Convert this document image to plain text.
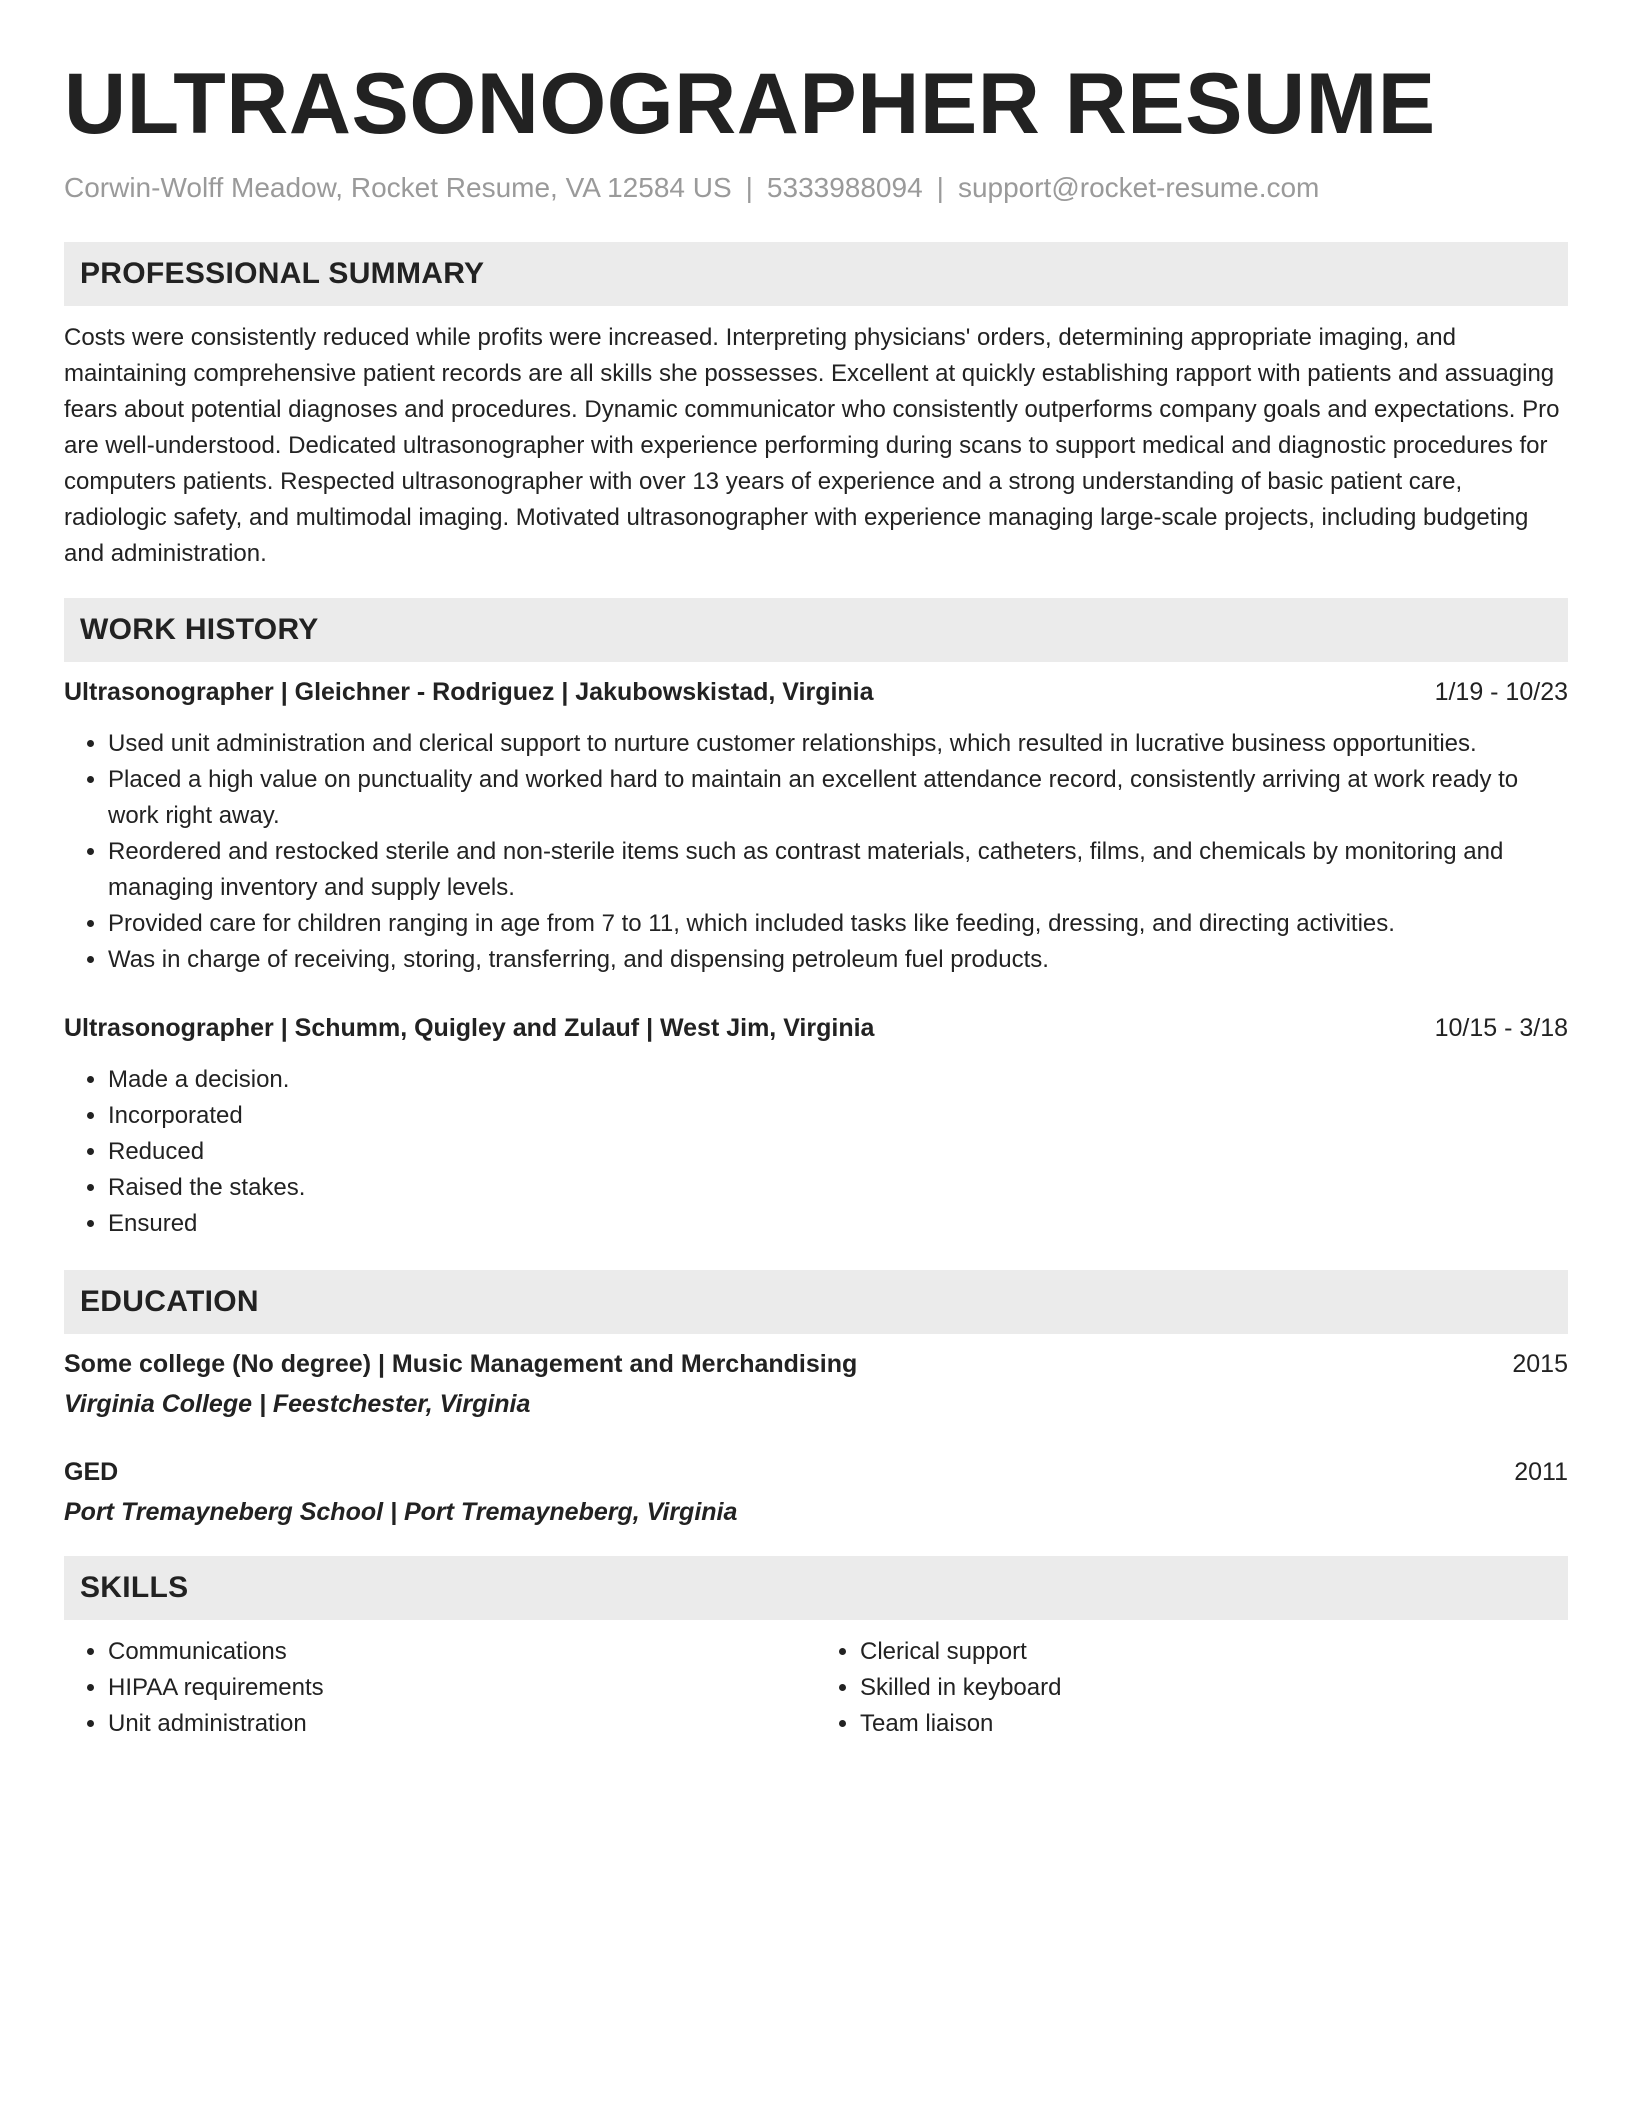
ULTRASONOGRAPHER RESUME
Corwin-Wolff Meadow, Rocket Resume, VA 12584 US | 5333988094 | support@rocket-resume.com
PROFESSIONAL SUMMARY
Costs were consistently reduced while profits were increased. Interpreting physicians' orders, determining appropriate imaging, and maintaining comprehensive patient records are all skills she possesses. Excellent at quickly establishing rapport with patients and assuaging fears about potential diagnoses and procedures. Dynamic communicator who consistently outperforms company goals and expectations. Pro are well-understood. Dedicated ultrasonographer with experience performing during scans to support medical and diagnostic procedures for computers patients. Respected ultrasonographer with over 13 years of experience and a strong understanding of basic patient care, radiologic safety, and multimodal imaging. Motivated ultrasonographer with experience managing large-scale projects, including budgeting and administration.
WORK HISTORY
Ultrasonographer | Gleichner - Rodriguez | Jakubowskistad, Virginia	1/19 - 10/23
• Used unit administration and clerical support to nurture customer relationships, which resulted in lucrative business opportunities.
• Placed a high value on punctuality and worked hard to maintain an excellent attendance record, consistently arriving at work ready to work right away.
• Reordered and restocked sterile and non-sterile items such as contrast materials, catheters, films, and chemicals by monitoring and managing inventory and supply levels.
• Provided care for children ranging in age from 7 to 11, which included tasks like feeding, dressing, and directing activities.
• Was in charge of receiving, storing, transferring, and dispensing petroleum fuel products.
Ultrasonographer | Schumm, Quigley and Zulauf | West Jim, Virginia	10/15 - 3/18
• Made a decision.
• Incorporated
• Reduced
• Raised the stakes.
• Ensured
EDUCATION
Some college (No degree) | Music Management and Merchandising	2015
Virginia College | Feestchester, Virginia
GED	2011
Port Tremayneberg School | Port Tremayneberg, Virginia
SKILLS
• Communications
• HIPAA requirements
• Unit administration
• Clerical support
• Skilled in keyboard
• Team liaison
